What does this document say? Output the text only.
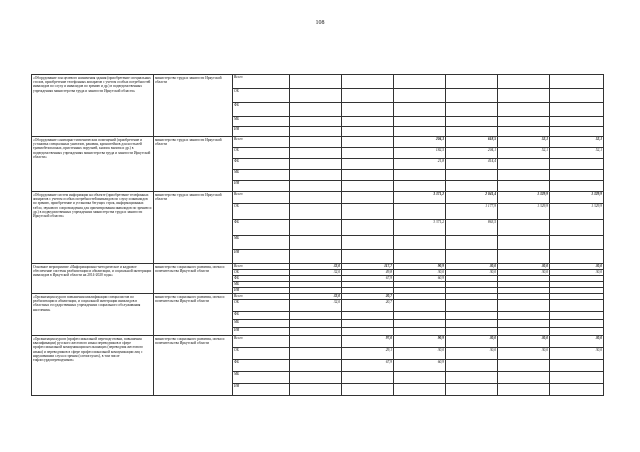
108
«Оборудование зон целевого назначения здания (приобретение специальных столов, приобретение телефонных аппаратов с учетом особых потребностей инвалидов по слуху и инвалидов по зрению и др.) в подведомственных учреждениях министерства труда и занятости Иркутской области»	министерство труда и занятости Иркутской области	Всего							
		ОБ							
		ФБ							
		МБ							
		ИИ							
«Оборудование санитарно-гигиенических помещений (приобретение и установка специальных унитазов, раковин, кронштейнов для костылей травмобезопасных, пристенных поручней, кнопок вызова и др.) в подведомственных учреждениях министерства труда и занятости Иркутской области»	министерство труда и занятости Иркутской области	Всего			204,3	618,5	52,1	52,1	
		ОБ			182,5	204,1	52,1	52,1	
		ФБ			21,8	414,4			
		МБ							
		ИИ							
«Оборудование систем информации на объекте (приобретение телефонных аппаратов с учетом особых потребностей инвалидов по слуху и инвалидов по зрению, приобретение и установка бегущих строк, информационных табло, звукового сопровождения для ориентирования инвалидов по зрению и др.) в подведомственных учреждениях министерства труда и занятости Иркутской области»	министерство труда и занятости Иркутской области	Всего			3 371,2	2 041,4	1 329,9	1 329,9	
		ОБ				1 177,9	1 329,9	1 329,9	
		ФБ			3 371,2	863,5			
		МБ							
		ИИ							
Основное мероприятие «Информационно-методическое и кадровое обеспечение системы реабилитации и абилитации, и социальной интеграции инвалидов в Иркутской области на 2014-2020 годы»	министерство социального развития, опеки и попечительства Иркутской области	Всего	32,0	117,7	90,9	30,0	30,0	30,0	
		ОБ	32,0	49,8	30,0	30,0	30,0	30,0	
		ФБ		67,9	60,9				
		МБ							
		ИИ							
«Организация курсов повышения квалификации специалистов по реабилитации и абилитации, и социальной интеграции инвалидов в областных государственных учреждениях социального обслуживания населения»	министерство социального развития, опеки и попечительства Иркутской области	Всего	32,0	20,7					
		ОБ	32,0	20,7					
		ФБ							
		МБ							
		ИИ							
«Организация курсов (профессиональной переподготовки, повышения квалификации) русского жестового языка переводчиков в сфере профессиональной коммуникации неслышащих (переводчик жестового языка) и переводчиков в сфере профессиональной коммуникации лиц с нарушениями слуха и зрения (слепоглухих), в том числе тифлосурдопереводчиков»	министерство социального развития, опеки и попечительства Иркутской области	Всего		97,0	90,9	30,0	30,0	30,0	
		ОБ		29,1	30,0	30,0	30,0	30,0	
		ФБ		67,9	60,9				
		МБ							
		ИИ							
